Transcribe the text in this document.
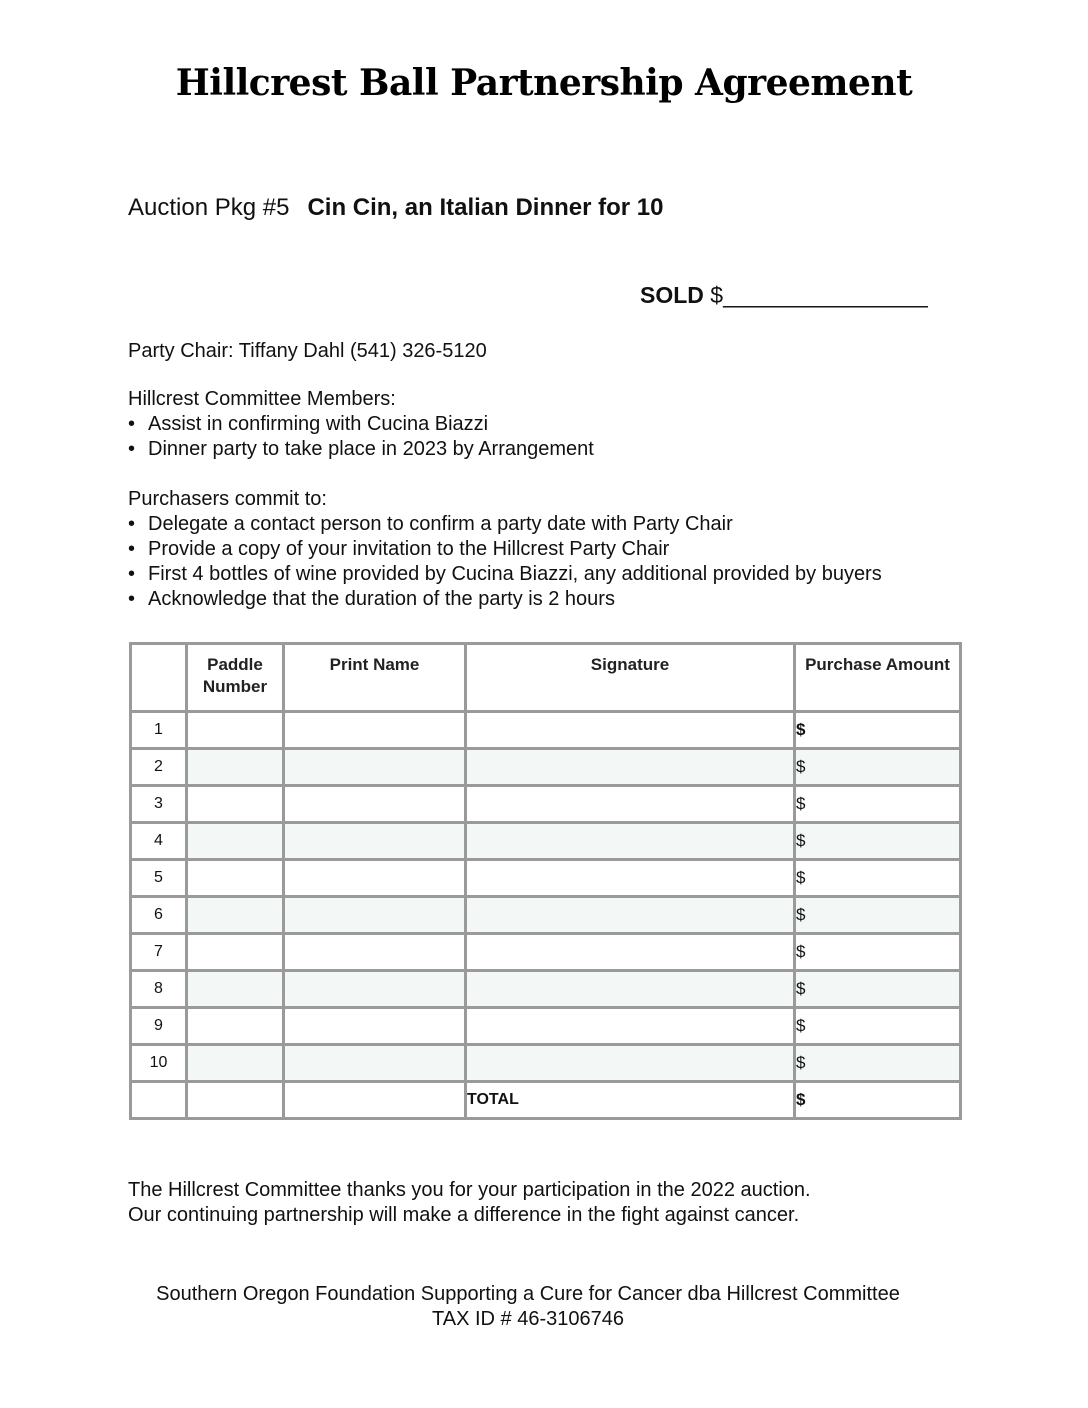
Hillcrest Ball Partnership Agreement
Auction Pkg #5 Cin Cin, an Italian Dinner for 10
SOLD $________________
Party Chair: Tiffany Dahl (541) 326-5120
Hillcrest Committee Members:
• Assist in confirming with Cucina Biazzi
• Dinner party to take place in 2023 by Arrangement
Purchasers commit to:
• Delegate a contact person to confirm a party date with Party Chair
• Provide a copy of your invitation to the Hillcrest Party Chair
• First 4 bottles of wine provided by Cucina Biazzi, any additional provided by buyers
• Acknowledge that the duration of the party is 2 hours
	Paddle Number	Print Name	Signature	Purchase Amount
1				$
2				$
3				$
4				$
5				$
6				$
7				$
8				$
9				$
10				$
			TOTAL	$
The Hillcrest Committee thanks you for your participation in the 2022 auction.
Our continuing partnership will make a difference in the fight against cancer.
Southern Oregon Foundation Supporting a Cure for Cancer dba Hillcrest Committee
TAX ID # 46-3106746
